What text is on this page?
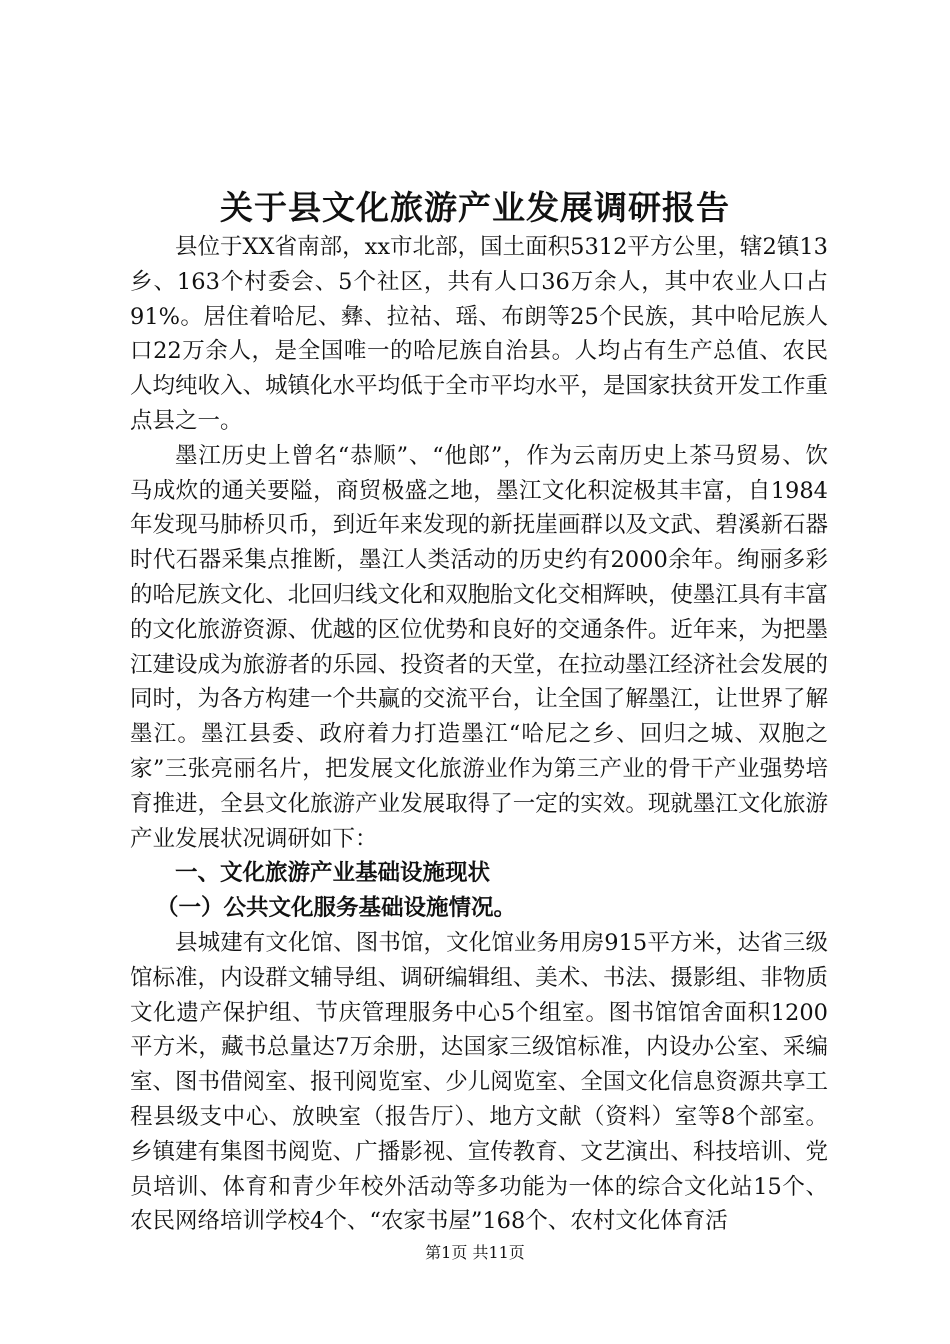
关于县文化旅游产业发展调研报告

县位于XX省南部，xx市北部，国土面积5312平方公里，辖2镇13乡、163个村委会、5个社区，共有人口36万余人，其中农业人口占91%。居住着哈尼、彝、拉祜、瑶、布朗等25个民族，其中哈尼族人口22万余人，是全国唯一的哈尼族自治县。人均占有生产总值、农民人均纯收入、城镇化水平均低于全市平均水平，是国家扶贫开发工作重点县之一。

墨江历史上曾名“恭顺”、“他郎”，作为云南历史上茶马贸易、饮马成炊的通关要隘，商贸极盛之地，墨江文化积淀极其丰富，自1984年发现马肺桥贝币，到近年来发现的新抚崖画群以及文武、碧溪新石器时代石器采集点推断，墨江人类活动的历史约有2000余年。绚丽多彩的哈尼族文化、北回归线文化和双胞胎文化交相辉映，使墨江具有丰富的文化旅游资源、优越的区位优势和良好的交通条件。近年来，为把墨江建设成为旅游者的乐园、投资者的天堂，在拉动墨江经济社会发展的同时，为各方构建一个共赢的交流平台，让全国了解墨江，让世界了解墨江。墨江县委、政府着力打造墨江“哈尼之乡、回归之城、双胞之家”三张亮丽名片，把发展文化旅游业作为第三产业的骨干产业强势培育推进，全县文化旅游产业发展取得了一定的实效。现就墨江文化旅游产业发展状况调研如下：

一、文化旅游产业基础设施现状

（一）公共文化服务基础设施情况。

县城建有文化馆、图书馆，文化馆业务用房915平方米，达省三级馆标准，内设群文辅导组、调研编辑组、美术、书法、摄影组、非物质文化遗产保护组、节庆管理服务中心5个组室。图书馆馆舍面积1200平方米，藏书总量达7万余册，达国家三级馆标准，内设办公室、采编室、图书借阅室、报刊阅览室、少儿阅览室、全国文化信息资源共享工程县级支中心、放映室（报告厅）、地方文献（资料）室等8个部室。乡镇建有集图书阅览、广播影视、宣传教育、文艺演出、科技培训、党员培训、体育和青少年校外活动等多功能为一体的综合文化站15个、农民网络培训学校4个、“农家书屋”168个、农村文化体育活

第1页 共11页
